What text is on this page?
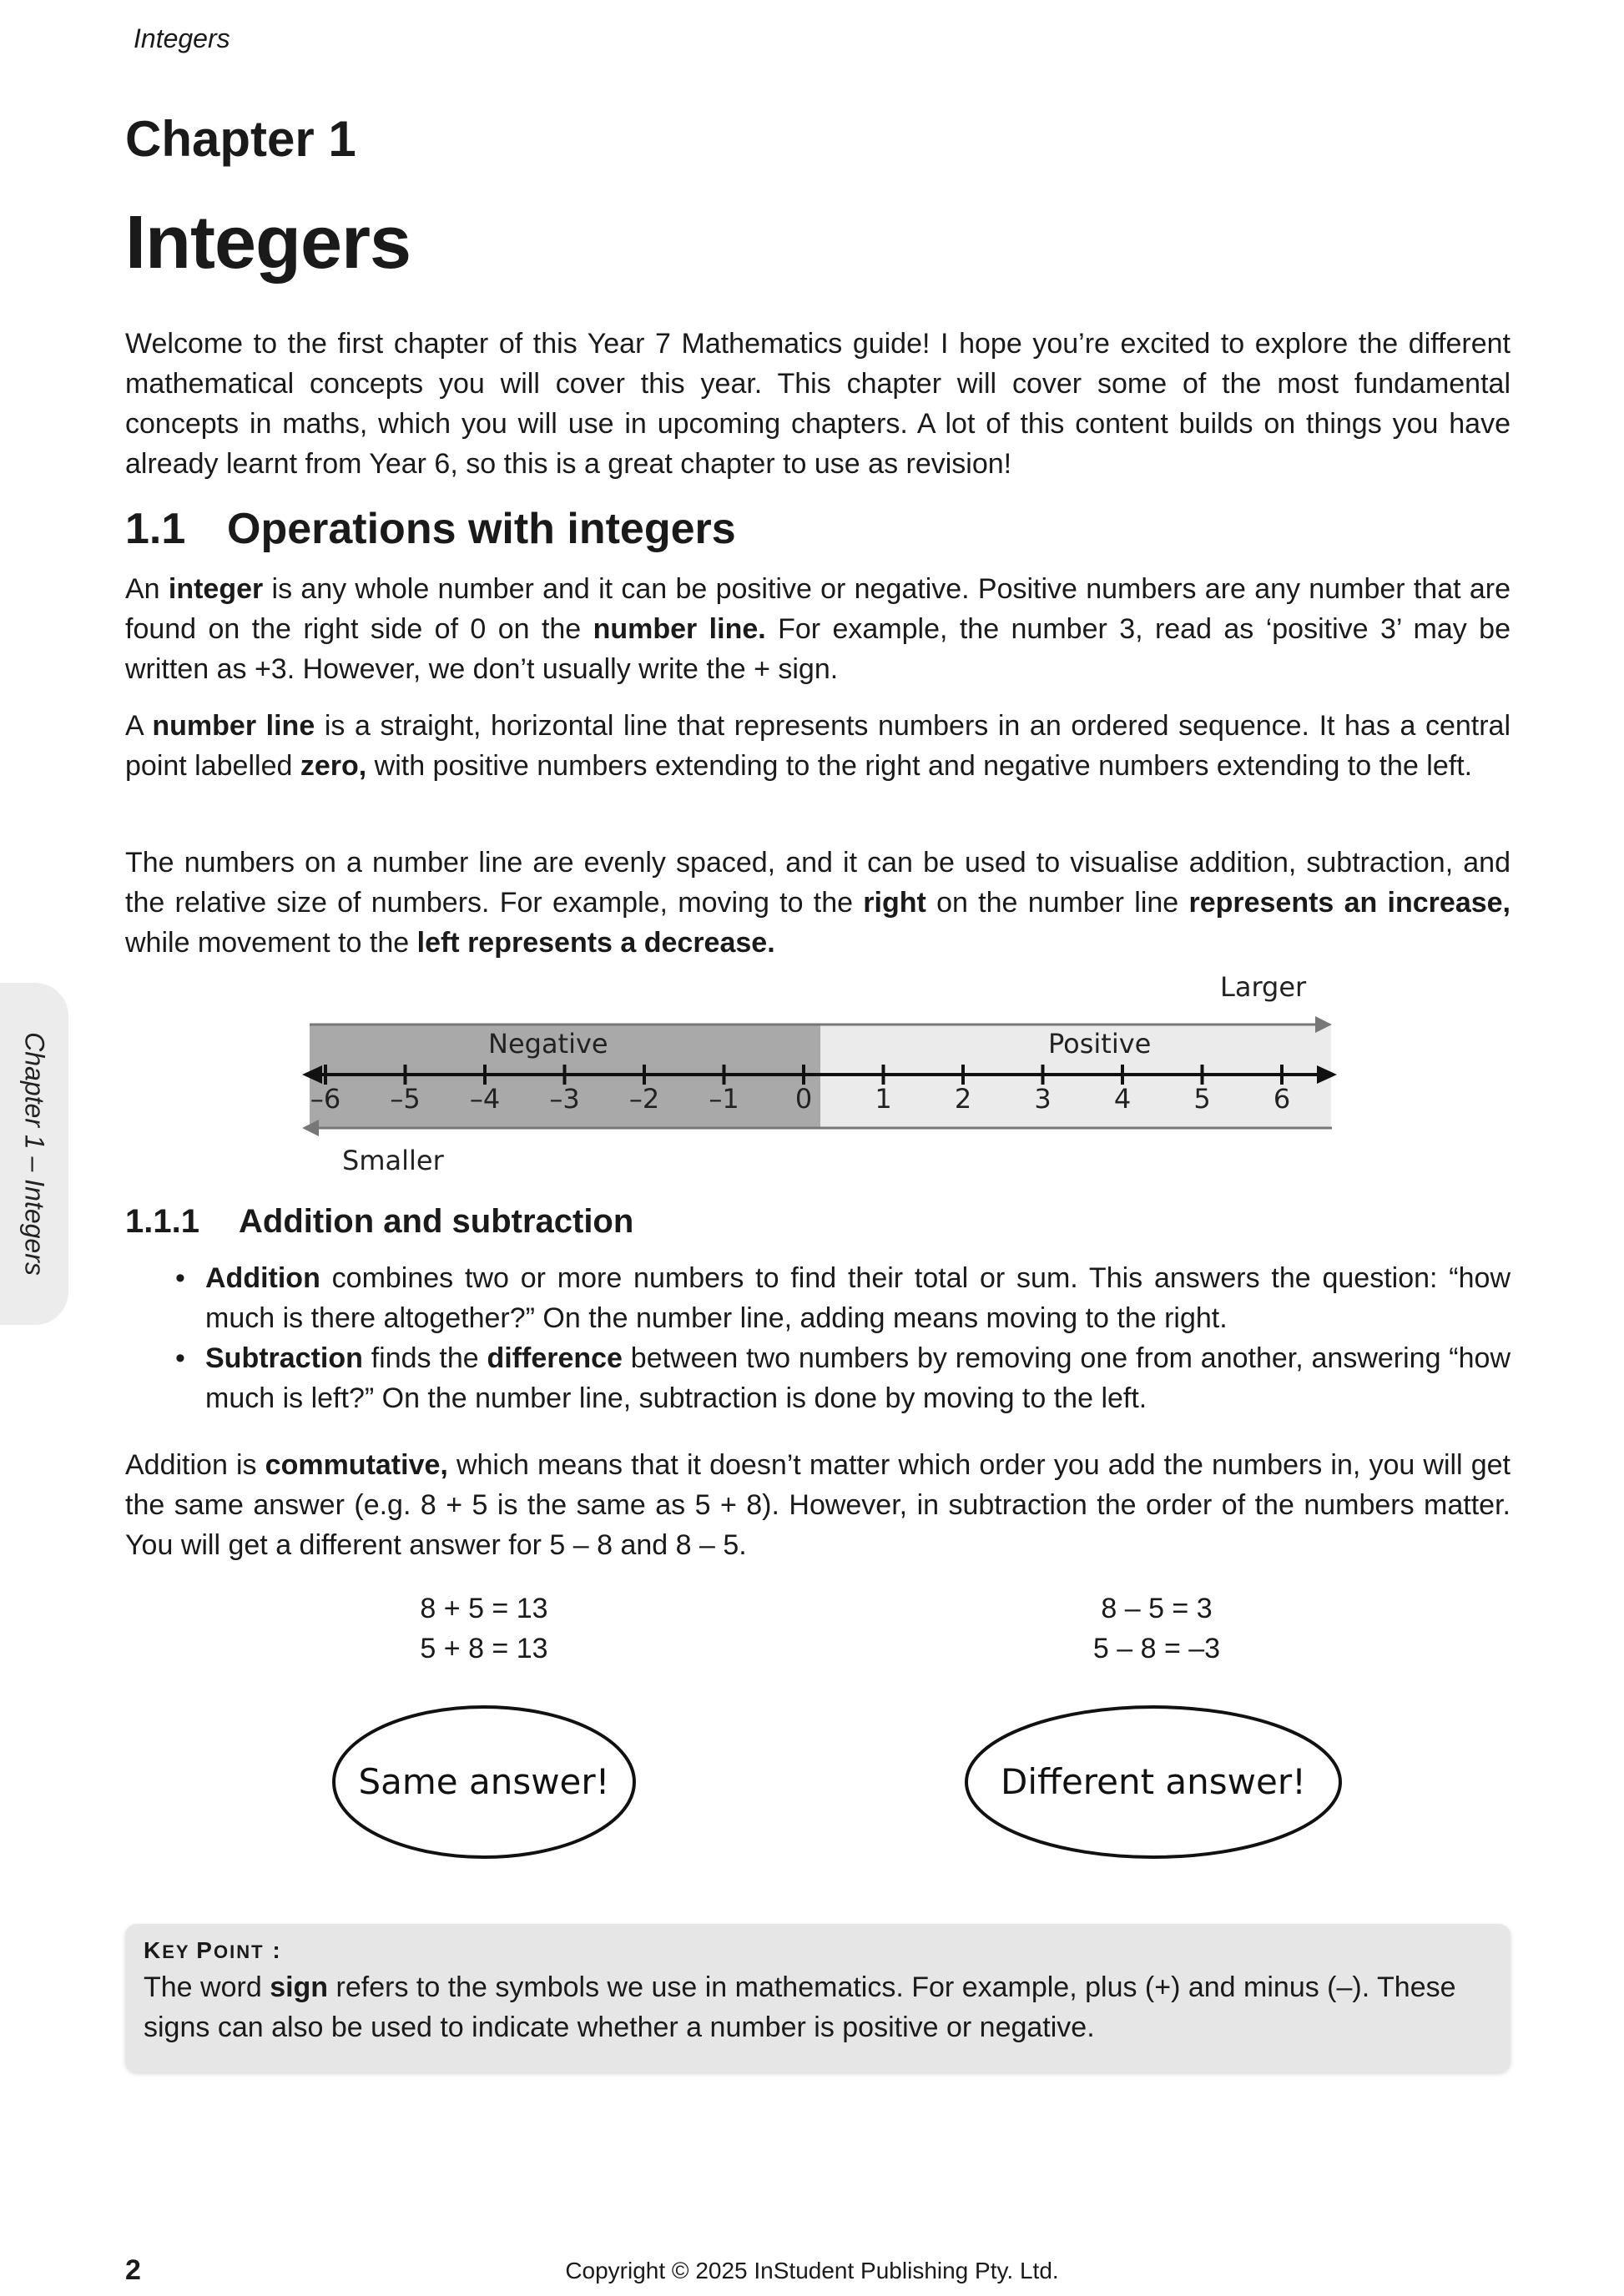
Integers
Chapter 1 – Integers
Chapter 1
Integers

Welcome to the first chapter of this Year 7 Mathematics guide! I hope you’re excited to explore the different mathematical concepts you will cover this year. This chapter will cover some of the most fundamental concepts in maths, which you will use in upcoming chapters. A lot of this content builds on things you have already learnt from Year 6, so this is a great chapter to use as revision!

1.1 Operations with integers

An integer is any whole number and it can be positive or negative. Positive numbers are any number that are found on the right side of 0 on the number line. For example, the number 3, read as ‘positive 3’ may be written as +3. However, we don’t usually write the + sign.

A number line is a straight, horizontal line that represents numbers in an ordered sequence. It has a central point labelled zero, with positive numbers extending to the right and negative numbers extending to the left.

The numbers on a number line are evenly spaced, and it can be used to visualise addition, subtraction, and the relative size of numbers. For example, moving to the right on the number line represents an increase, while movement to the left represents a decrease.

–6 –5 –4 –3 –2 –1 0 1 2 3 4 5 6
Larger
Smaller
Negative	Positive
1.1.1 Addition and subtraction
• Addition combines two or more numbers to find their total or sum. This answers the question: “how much is there altogether?” On the number line, adding means moving to the right.
• Subtraction finds the difference between two numbers by removing one from another, answering “how much is left?” On the number line, subtraction is done by moving to the left.

Addition is commutative, which means that it doesn’t matter which order you add the numbers in, you will get the same answer (e.g. 8 + 5 is the same as 5 + 8). However, in subtraction the order of the numbers matter. You will get a different answer for 5 – 8 and 8 – 5.

8 + 5 = 13
5 + 8 = 13
8 – 5 = 3
5 – 8 = –3
Same answer!	Different answer!
KEY POINT :
The word sign refers to the symbols we use in mathematics. For example, plus (+) and minus (–). These signs can also be used to indicate whether a number is positive or negative.
2	Copyright © 2025 InStudent Publishing Pty. Ltd.
